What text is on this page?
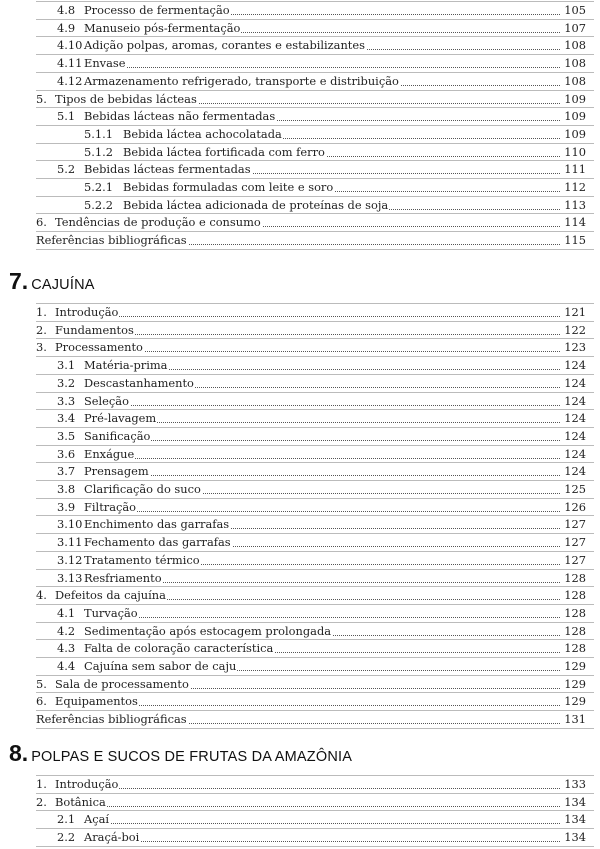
4.8 Processo de fermentação	105
4.9 Manuseio pós-fermentação	107
4.10 Adição polpas, aromas, corantes e estabilizantes	108
4.11 Envase	108
4.12 Armazenamento refrigerado, transporte e distribuição	108
5. Tipos de bebidas lácteas	109
5.1 Bebidas lácteas não fermentadas	109
5.1.1 Bebida láctea achocolatada	109
5.1.2 Bebida láctea fortificada com ferro	110
5.2 Bebidas lácteas fermentadas	111
5.2.1 Bebidas formuladas com leite e soro	112
5.2.2 Bebida láctea adicionada de proteínas de soja	113
6. Tendências de produção e consumo	114
Referências bibliográficas	115
7. CAJUÍNA
1. Introdução	121
2. Fundamentos	122
3. Processamento	123
3.1 Matéria-prima	124
3.2 Descastanhamento	124
3.3 Seleção	124
3.4 Pré-lavagem	124
3.5 Sanificação	124
3.6 Enxágue	124
3.7 Prensagem	124
3.8 Clarificação do suco	125
3.9 Filtração	126
3.10 Enchimento das garrafas	127
3.11 Fechamento das garrafas	127
3.12 Tratamento térmico	127
3.13 Resfriamento	128
4. Defeitos da cajuína	128
4.1 Turvação	128
4.2 Sedimentação após estocagem prolongada	128
4.3 Falta de coloração característica	128
4.4 Cajuína sem sabor de caju	129
5. Sala de processamento	129
6. Equipamentos	129
Referências bibliográficas	131
8. POLPAS E SUCOS DE FRUTAS DA AMAZÔNIA
1. Introdução	133
2. Botânica	134
2.1 Açaí	134
2.2 Araçá-boi	134
